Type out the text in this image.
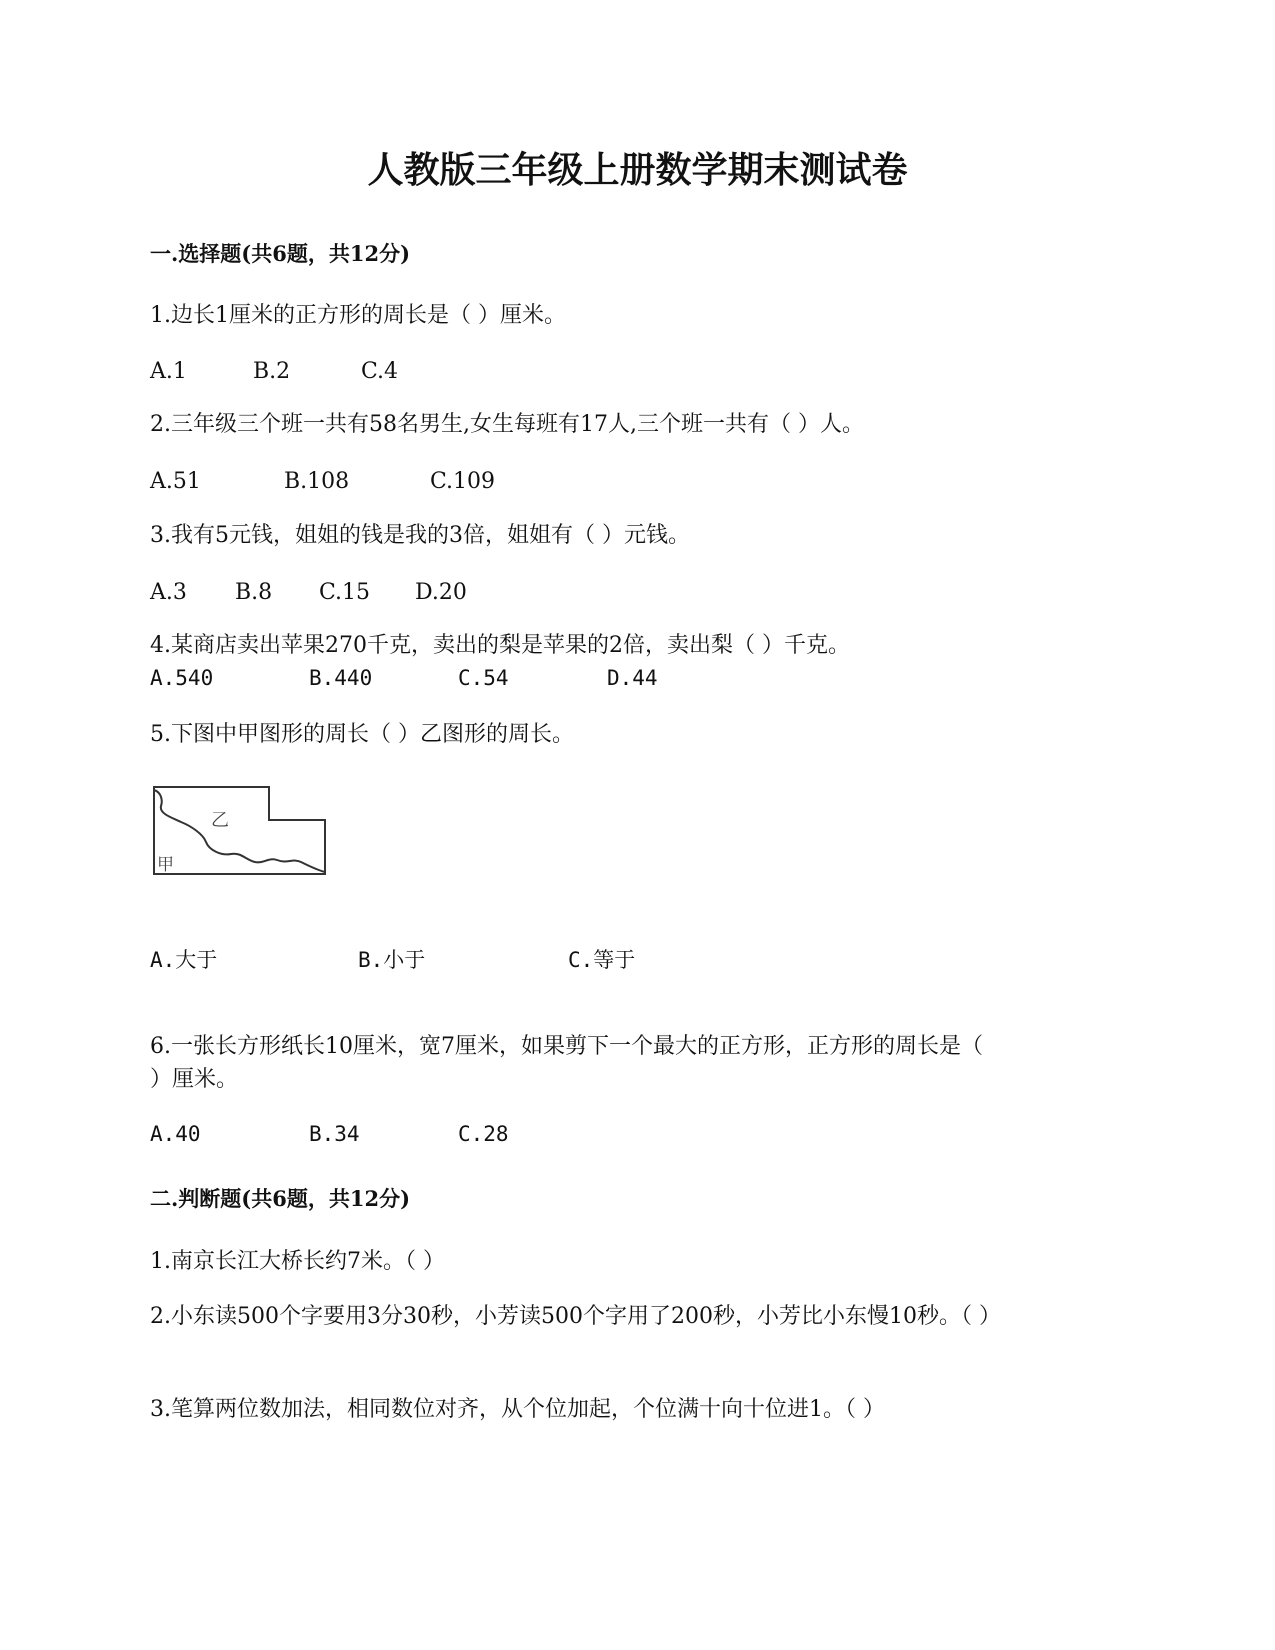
人教版三年级上册数学期末测试卷
一.选择题(共6题，共12分)
1.边长1厘米的正方形的周长是（ ）厘米。
A.1	B.2	C.4
2.三年级三个班一共有58名男生,女生每班有17人,三个班一共有（ ）人。
A.51	B.108	C.109
3.我有5元钱，姐姐的钱是我的3倍，姐姐有（ ）元钱。
A.3 B.8 C.15 D.20
4.某商店卖出苹果270千克，卖出的梨是苹果的2倍，卖出梨（ ）千克。
A.540	B.440	C.54	D.44
5.下图中甲图形的周长（ ）乙图形的周长。
乙
甲
A.大于	B.小于	C.等于
6.一张长方形纸长10厘米，宽7厘米，如果剪下一个最大的正方形，正方形的周长是（
）厘米。
A.40	B.34	C.28
二.判断题(共6题，共12分)
1.南京长江大桥长约7米。（ ）
2.小东读500个字要用3分30秒，小芳读500个字用了200秒，小芳比小东慢10秒。（ ）
3.笔算两位数加法，相同数位对齐，从个位加起，个位满十向十位进1。（ ）
